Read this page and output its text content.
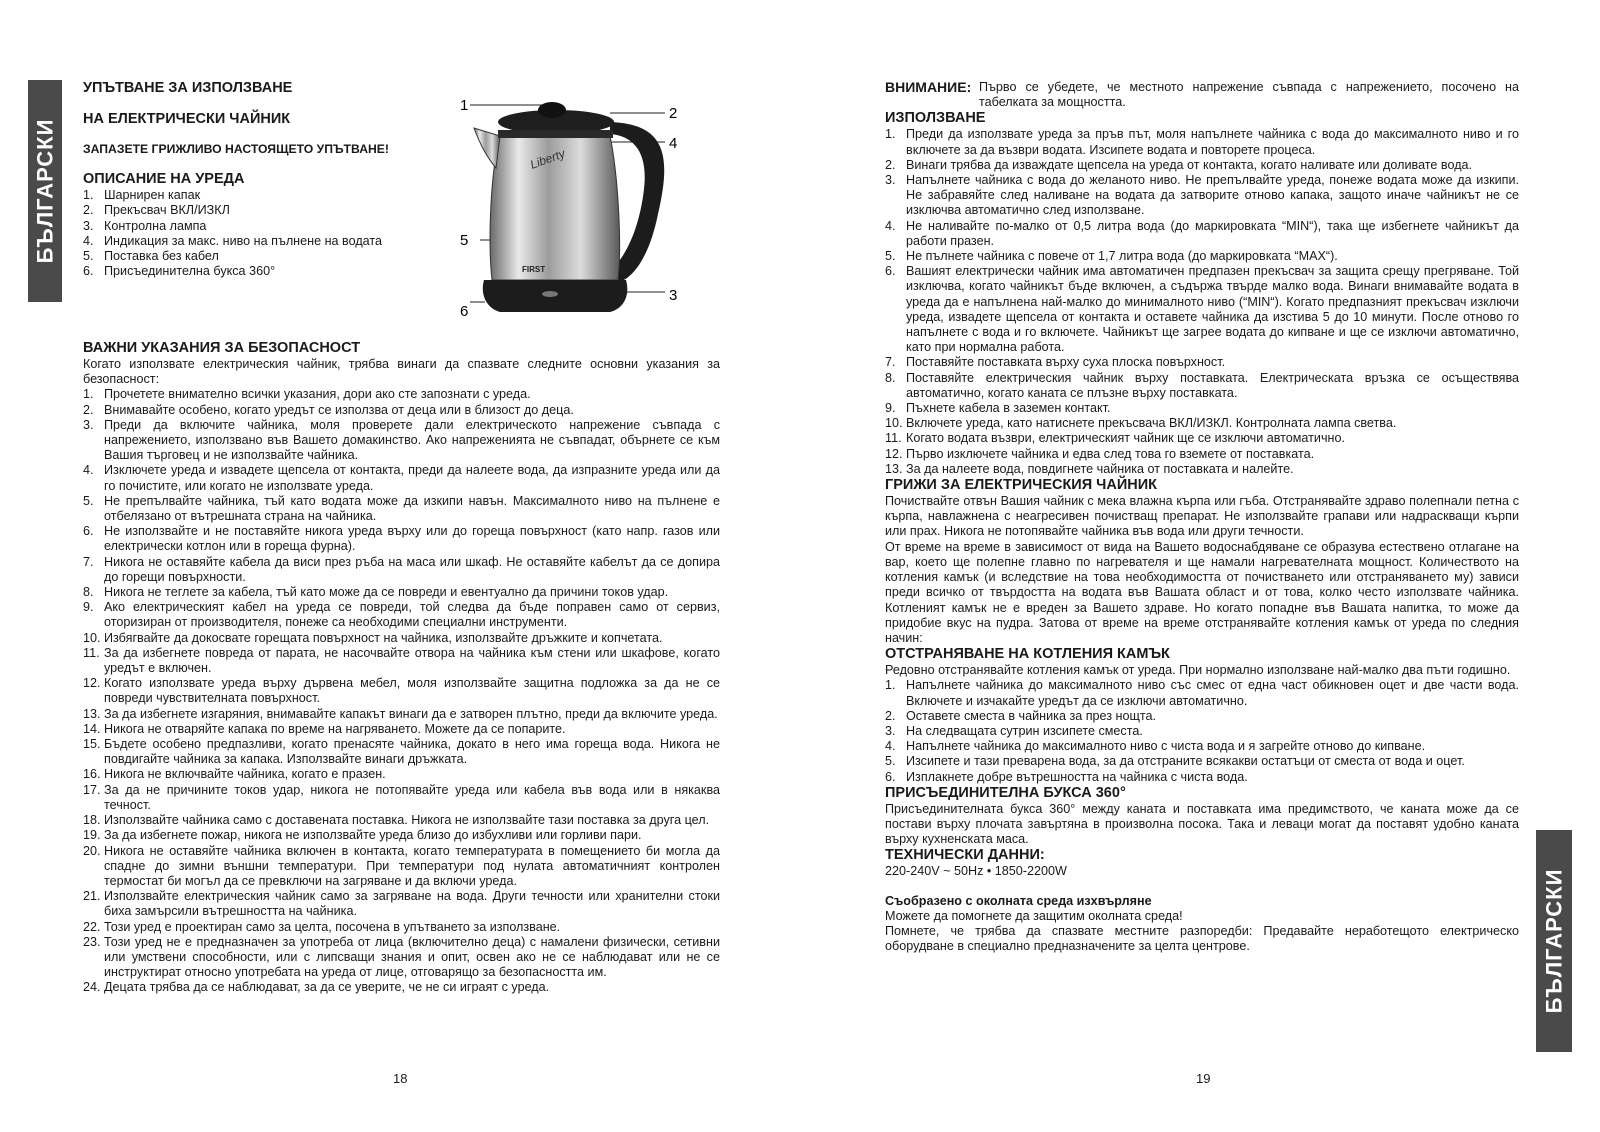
БЪЛГАРСКИ
БЪЛГАРСКИ
УПЪТВАНЕ ЗА ИЗПОЛЗВАНЕ
НА ЕЛЕКТРИЧЕСКИ ЧАЙНИК
ЗАПАЗЕТЕ ГРИЖЛИВО НАСТОЯЩЕТО УПЪТВАНЕ!
ОПИСАНИЕ НА УРЕДА
1. Шарнирен капак
2. Прекъсвач ВКЛ/ИЗКЛ
3. Контролна лампа
4. Индикация за макс. ниво на пълнене на водата
5. Поставка без кабел
6. Присъединителна букса 360°
1	2
3
4
5
6
Liberty
FIRST
ВАЖНИ УКАЗАНИЯ ЗА БЕЗОПАСНОСТ

Когато използвате електрическия чайник, трябва винаги да спазвате следните основни указания за безопасност:

1. Прочетете внимателно всички указания, дори ако сте запознати с уреда.
2. Внимавайте особено, когато уредът се използва от деца или в близост до деца.
3. Преди да включите чайника, моля проверете дали електрическото напрежение съвпада с напрежението, използвано във Вашето домакинство. Ако напреженията не съвпадат, обърнете се към Вашия търговец и не използвайте чайника.
4. Изключете уреда и извадете щепсела от контакта, преди да налеете вода, да изпразните уреда или да го почистите, или когато не използвате уреда.
5. Не препълвайте чайника, тъй като водата може да изкипи навън. Максималното ниво на пълнене е отбелязано от вътрешната страна на чайника.
6. Не използвайте и не поставяйте никога уреда върху или до гореща повърхност (като напр. газов или електрически котлон или в гореща фурна).
7. Никога не оставяйте кабела да виси през ръба на маса или шкаф. Не оставяйте кабелът да се допира до горещи повърхности.
8. Никога не теглете за кабела, тъй като може да се повреди и евентуално да причини токов удар.
9. Ако електрическият кабел на уреда се повреди, той следва да бъде поправен само от сервиз, оторизиран от производителя, понеже са необходими специални инструменти.
10. Избягвайте да докосвате горещата повърхност на чайника, използвайте дръжките и копчетата.
11. За да избегнете повреда от парата, не насочвайте отвора на чайника към стени или шкафове, когато уредът е включен.
12. Когато използвате уреда върху дървена мебел, моля използвайте защитна подложка за да не се повреди чувствителната повърхност.
13. За да избегнете изгаряния, внимавайте капакът винаги да е затворен плътно, преди да включите уреда.
14. Никога не отваряйте капака по време на нагряването. Можете да се попарите.
15. Бъдете особено предпазливи, когато пренасяте чайника, докато в него има гореща вода. Никога не повдигайте чайника за капака. Използвайте винаги дръжката.
16. Никога не включвайте чайника, когато е празен.
17. За да не причините токов удар, никога не потопявайте уреда или кабела във вода или в някаква течност.
18. Използвайте чайника само с доставената поставка. Никога не използвайте тази поставка за друга цел.
19. За да избегнете пожар, никога не използвайте уреда близо до избухливи или горливи пари.
20. Никога не оставяйте чайника включен в контакта, когато температурата в помещението би могла да спадне до зимни външни температури. При температури под нулата автоматичният контролен термостат би могъл да се превключи на загряване и да включи уреда.
21. Използвайте електрическия чайник само за загряване на вода. Други течности или хранителни стоки биха замърсили вътрешността на чайника.
22. Този уред е проектиран само за целта, посочена в упътването за използване.
23. Този уред не е предназначен за употреба от лица (включително деца) с намалени физически, сетивни или умствени способности, или с липсващи знания и опит, освен ако не се наблюдават или не се инструктират относно употребата на уреда от лице, отговарящо за безопасността им.
24. Децата трябва да се наблюдават, за да се уверите, че не си играят с уреда.
18
ВНИМАНИЕ: Първо се убедете, че местното напрежение съвпада с напрежението, посочено на табелката за мощността.
ИЗПОЛЗВАНЕ
1. Преди да използвате уреда за пръв път, моля напълнете чайника с вода до максималното ниво и го включете за да възври водата. Изсипете водата и повторете процеса.
2. Винаги трябва да изваждате щепсела на уреда от контакта, когато наливате или доливате вода.
3. Напълнете чайника с вода до желаното ниво. Не препълвайте уреда, понеже водата може да изкипи. Не забравяйте след наливане на водата да затворите отново капака, защото иначе чайникът не се изключва автоматично след използване.
4. Не наливайте по-малко от 0,5 литра вода (до маркировката “MIN“), така ще избегнете чайникът да работи празен.
5. Не пълнете чайника с повече от 1,7 литра вода (до маркировката “MAX“).
6. Вашият електрически чайник има автоматичен предпазен прекъсвач за защита срещу прегряване. Той изключва, когато чайникът бъде включен, а съдържа твърде малко вода. Винаги внимавайте водата в уреда да е напълнена най-малко до минималното ниво (“MIN“). Когато предпазният прекъсвач изключи уреда, извадете щепсела от контакта и оставете чайника да изстива 5 до 10 минути. После отново го напълнете с вода и го включете. Чайникът ще загрее водата до кипване и ще се изключи автоматично, като при нормална работа.
7. Поставяйте поставката върху суха плоска повърхност.
8. Поставяйте електрическия чайник върху поставката. Електрическата връзка се осъществява автоматично, когато каната се плъзне върху поставката.
9. Пъхнете кабела в заземен контакт.
10. Включете уреда, като натиснете прекъсвача ВКЛ/ИЗКЛ. Контролната лампа светва.
11. Когато водата възври, електрическият чайник ще се изключи автоматично.
12. Първо изключете чайника и едва след това го вземете от поставката.
13. За да налеете вода, повдигнете чайника от поставката и налейте.
ГРИЖИ ЗА ЕЛЕКТРИЧЕСКИЯ ЧАЙНИК

Почиствайте отвън Вашия чайник с мека влажна кърпа или гъба. Отстранявайте здраво полепнали петна с кърпа, навлажнена с неагресивен почистващ препарат. Не използвайте грапави или надраскващи кърпи или прах. Никога не потопявайте чайника във вода или други течности.

От време на време в зависимост от вида на Вашето водоснабдяване се образува естествено отлагане на вар, което ще полепне главно по нагревателя и ще намали нагревателната мощност. Количеството на котления камък (и вследствие на това необходимостта от почистването или отстраняването му) зависи преди всичко от твърдостта на водата във Вашата област и от това, колко често използвате чайника. Котленият камък не е вреден за Вашето здраве. Но когато попадне във Вашата напитка, то може да придобие вкус на пудра. Затова от време на време отстранявайте котления камък от уреда по следния начин:

ОТСТРАНЯВАНЕ НА КОТЛЕНИЯ КАМЪК

Редовно отстранявайте котления камък от уреда. При нормално използване най-малко два пъти годишно.

1. Напълнете чайника до максималното ниво със смес от една част обикновен оцет и две части вода. Включете и изчакайте уредът да се изключи автоматично.
2. Оставете сместа в чайника за през нощта.
3. На следващата сутрин изсипете сместа.
4. Напълнете чайника до максималното ниво с чиста вода и я загрейте отново до кипване.
5. Изсипете и тази преварена вода, за да отстраните всякакви остатъци от сместа от вода и оцет.
6. Изплакнете добре вътрешността на чайника с чиста вода.
ПРИСЪЕДИНИТЕЛНА БУКСА 360°

Присъединителната букса 360° между каната и поставката има предимството, че каната може да се постави върху плочата завъртяна в произволна посока. Така и леваци могат да поставят удобно каната върху кухненската маса.

ТЕХНИЧЕСКИ ДАННИ:

220-240V ~ 50Hz • 1850-2200W

Съобразено с околната среда изхвърляне

Можете да помогнете да защитим околната среда!

Помнете, че трябва да спазвате местните разпоредби: Предавайте неработещото електрическо оборудване в специално предназначените за целта центрове.

19
